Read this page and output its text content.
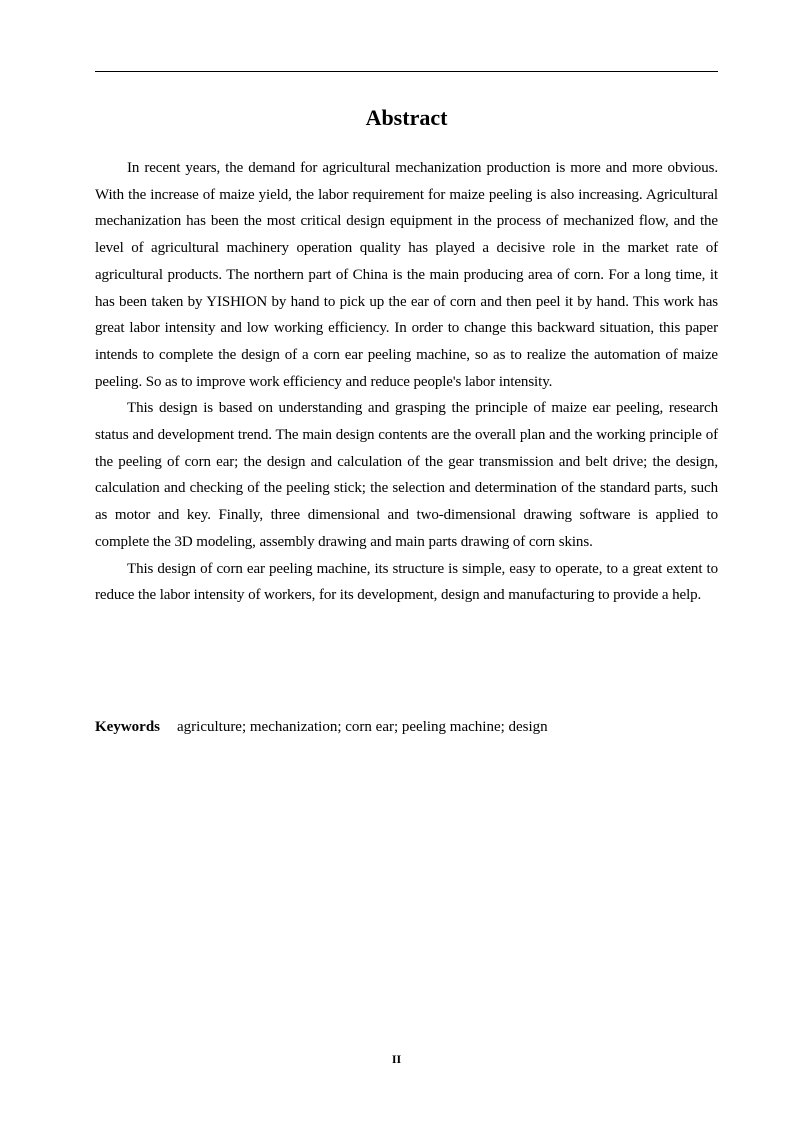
Abstract

In recent years, the demand for agricultural mechanization production is more and more obvious. With the increase of maize yield, the labor requirement for maize peeling is also increasing. Agricultural mechanization has been the most critical design equipment in the process of mechanized flow, and the level of agricultural machinery operation quality has played a decisive role in the market rate of agricultural products. The northern part of China is the main producing area of corn. For a long time, it has been taken by YISHION by hand to pick up the ear of corn and then peel it by hand. This work has great labor intensity and low working efficiency. In order to change this backward situation, this paper intends to complete the design of a corn ear peeling machine, so as to realize the automation of maize peeling. So as to improve work efficiency and reduce people's labor intensity.

This design is based on understanding and grasping the principle of maize ear peeling, research status and development trend. The main design contents are the overall plan and the working principle of the peeling of corn ear; the design and calculation of the gear transmission and belt drive; the design, calculation and checking of the peeling stick; the selection and determination of the standard parts, such as motor and key. Finally, three dimensional and two-dimensional drawing software is applied to complete the 3D modeling, assembly drawing and main parts drawing of corn skins.

This design of corn ear peeling machine, its structure is simple, easy to operate, to a great extent to reduce the labor intensity of workers, for its development, design and manufacturing to provide a help.

Keywords agriculture; mechanization; corn ear; peeling machine; design

II
